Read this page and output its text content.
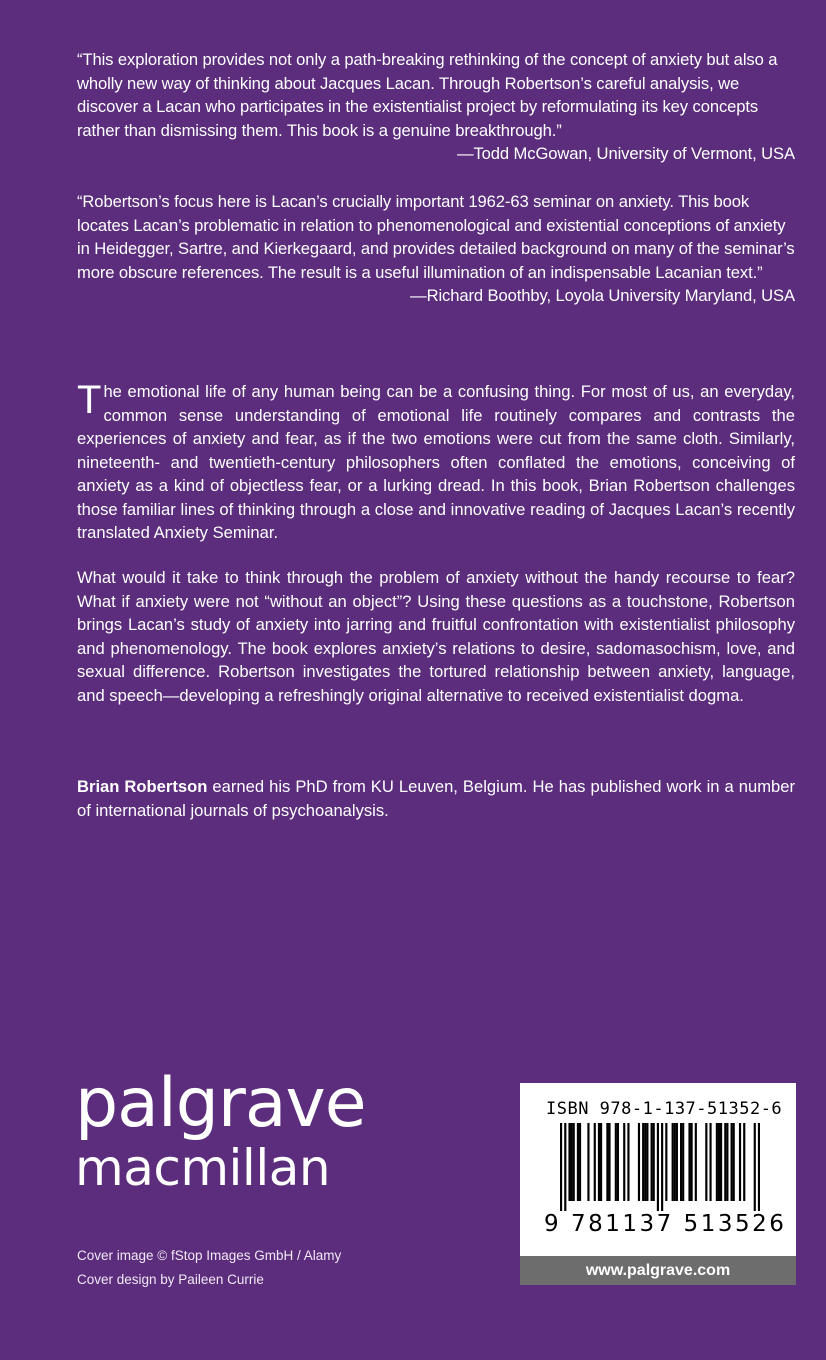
“This exploration provides not only a path-breaking rethinking of the concept of anxiety but also a wholly new way of thinking about Jacques Lacan. Through Robertson’s careful analysis, we discover a Lacan who participates in the existentialist project by reformulating its key concepts rather than dismissing them. This book is a genuine breakthrough.”

—Todd McGowan, University of Vermont, USA

“Robertson’s focus here is Lacan’s crucially important 1962-63 seminar on anxiety. This book locates Lacan’s problematic in relation to phenomenological and existential conceptions of anxiety in Heidegger, Sartre, and Kierkegaard, and provides detailed background on many of the seminar’s more obscure references. The result is a useful illumination of an indispensable Lacanian text.”

—Richard Boothby, Loyola University Maryland, USA

The emotional life of any human being can be a confusing thing. For most of us, an everyday, common sense understanding of emotional life routinely compares and contrasts the experiences of anxiety and fear, as if the two emotions were cut from the same cloth. Similarly, nineteenth- and twentieth-century philosophers often conflated the emotions, conceiving of anxiety as a kind of objectless fear, or a lurking dread. In this book, Brian Robertson challenges those familiar lines of thinking through a close and innovative reading of Jacques Lacan’s recently translated Anxiety Seminar.

What would it take to think through the problem of anxiety without the handy recourse to fear? What if anxiety were not “without an object”? Using these questions as a touchstone, Robertson brings Lacan’s study of anxiety into jarring and fruitful confrontation with existentialist philosophy and phenomenology. The book explores anxiety’s relations to desire, sadomasochism, love, and sexual difference. Robertson investigates the tortured relationship between anxiety, language, and speech—developing a refreshingly original alternative to received existentialist dogma.

Brian Robertson earned his PhD from KU Leuven, Belgium. He has published work in a number of international journals of psychoanalysis.

palgrave
macmillan
Cover image © fStop Images GmbH / Alamy
Cover design by Paileen Currie
ISBN 978-1-137-51352-6
9 781137 513526
www.palgrave.com
